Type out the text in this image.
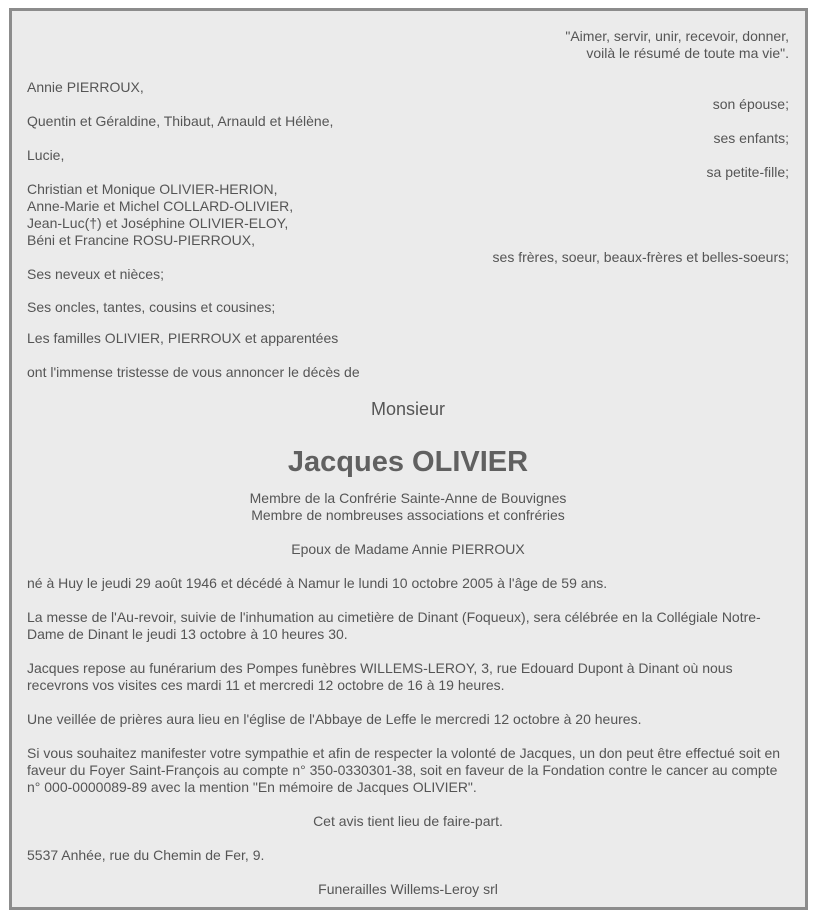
"Aimer, servir, unir, recevoir, donner,
voilà le résumé de toute ma vie".
Annie PIERROUX,
son épouse;
Quentin et Géraldine, Thibaut, Arnauld et Hélène,
ses enfants;
Lucie,
sa petite-fille;
Christian et Monique OLIVIER-HERION,
Anne-Marie et Michel COLLARD-OLIVIER,
Jean-Luc(†) et Joséphine OLIVIER-ELOY,
Béni et Francine ROSU-PIERROUX,
ses frères, soeur, beaux-frères et belles-soeurs;
Ses neveux et nièces;
Ses oncles, tantes, cousins et cousines;
Les familles OLIVIER, PIERROUX et apparentées
ont l'immense tristesse de vous annoncer le décès de
Monsieur
Jacques OLIVIER
Membre de la Confrérie Sainte-Anne de Bouvignes
Membre de nombreuses associations et confréries
Epoux de Madame Annie PIERROUX
né à Huy le jeudi 29 août 1946 et décédé à Namur le lundi 10 octobre 2005 à l'âge de 59 ans.
La messe de l'Au-revoir, suivie de l'inhumation au cimetière de Dinant (Foqueux), sera célébrée en la Collégiale Notre-Dame de Dinant le jeudi 13 octobre à 10 heures 30.
Jacques repose au funérarium des Pompes funèbres WILLEMS-LEROY, 3, rue Edouard Dupont à Dinant où nous recevrons vos visites ces mardi 11 et mercredi 12 octobre de 16 à 19 heures.
Une veillée de prières aura lieu en l'église de l'Abbaye de Leffe le mercredi 12 octobre à 20 heures.
Si vous souhaitez manifester votre sympathie et afin de respecter la volonté de Jacques, un don peut être effectué soit en faveur du Foyer Saint-François au compte n° 350-0330301-38, soit en faveur de la Fondation contre le cancer au compte n° 000-0000089-89 avec la mention "En mémoire de Jacques OLIVIER".
Cet avis tient lieu de faire-part.
5537 Anhée, rue du Chemin de Fer, 9.
Funerailles Willems-Leroy srl
